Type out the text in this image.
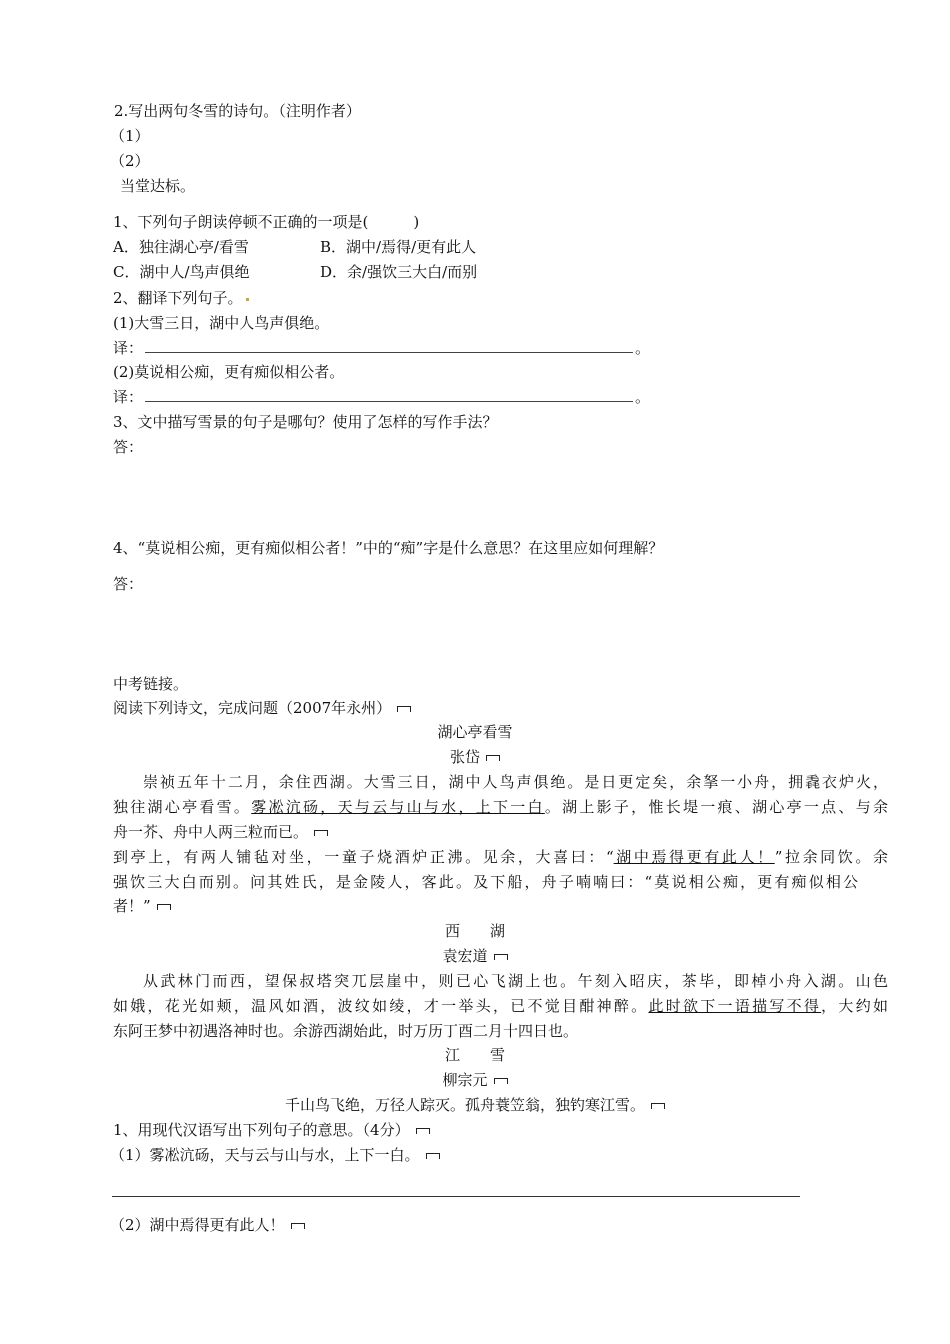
2.写出两句冬雪的诗句。（注明作者）
（1）
（2）
当堂达标。
1、下列句子朗读停顿不正确的一项是(　　　)
A．独往湖心亭/看雪	B．湖中/焉得/更有此人
C．湖中人/鸟声俱绝	D．余/强饮三大白/而别
2、翻译下列句子。
(1)大雪三日，湖中人鸟声俱绝。
译：	。
(2)莫说相公痴，更有痴似相公者。
译：	。
3、文中描写雪景的句子是哪句？使用了怎样的写作手法？
答：
4、“莫说相公痴，更有痴似相公者！”中的“痴”字是什么意思？在这里应如何理解？
答：
中考链接。
阅读下列诗文，完成问题（2007年永州）
湖心亭看雪
张岱
崇祯五年十二月，余住西湖。大雪三日，湖中人鸟声俱绝。是日更定矣，余拏一小舟，拥毳衣炉火，
独往湖心亭看雪。雾凇沆砀，天与云与山与水，上下一白。湖上影子，惟长堤一痕、湖心亭一点、与余
舟一芥、舟中人两三粒而已。
到亭上，有两人铺毡对坐，一童子烧酒炉正沸。见余，大喜曰：“湖中焉得更有此人！”拉余同饮。余
强饮三大白而别。问其姓氏，是金陵人，客此。及下船，舟子喃喃曰：“莫说相公痴，更有痴似相公
者！”
西　　湖
袁宏道
从武林门而西，望保叔塔突兀层崖中，则已心飞湖上也。午刻入昭庆，茶毕，即棹小舟入湖。山色
如娥，花光如颊，温风如酒，波纹如绫，才一举头，已不觉目酣神醉。此时欲下一语描写不得，大约如
东阿王梦中初遇洛神时也。余游西湖始此，时万历丁酉二月十四日也。
江　　雪
柳宗元
千山鸟飞绝，万径人踪灭。孤舟蓑笠翁，独钓寒江雪。
1、用现代汉语写出下列句子的意思。（4分）
（1）雾凇沆砀，天与云与山与水，上下一白。
（2）湖中焉得更有此人！
